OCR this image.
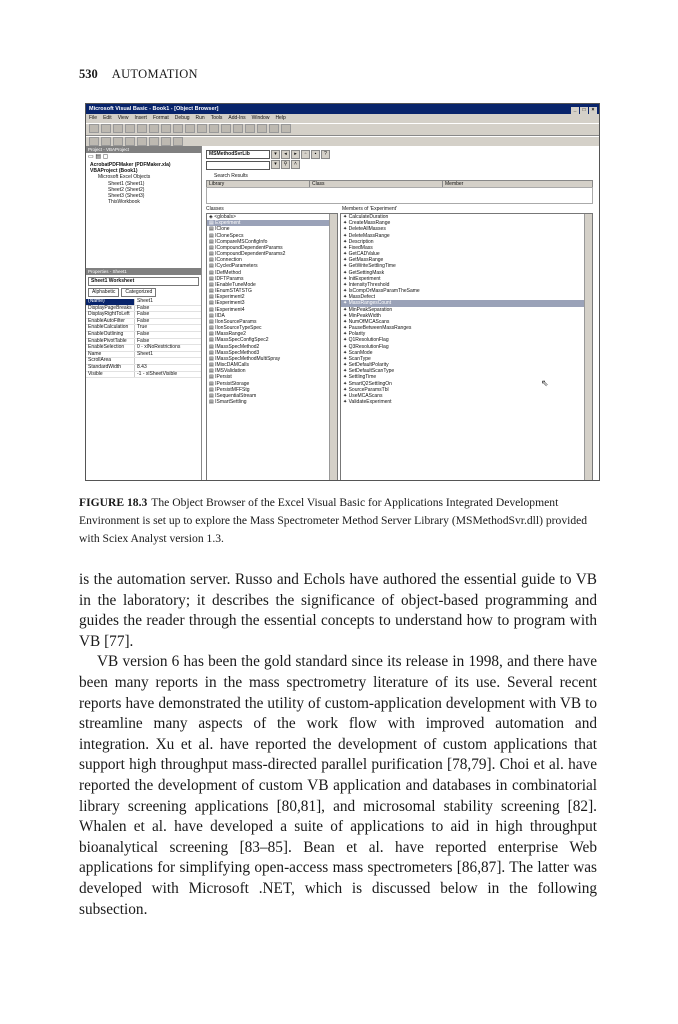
530 AUTOMATION
Microsoft Visual Basic - Book1 - [Object Browser]	_ □ ×
File Edit View Insert Format Debug Run Tools Add-Ins Window Help
Project - VBAProject
▭ ▤ ▢
AcrobatPDFMaker (PDFMaker.xla)
VBAProject (Book1)
Microsoft Excel Objects
Sheet1 (Sheet1)
Sheet2 (Sheet2)
Sheet3 (Sheet3)
ThisWorkbook
Properties - Sheet1
Sheet1 Worksheet
Alphabetic Categorized
(Name)	Sheet1
DisplayPageBreaks	False
DisplayRightToLeft	False
EnableAutoFilter	False
EnableCalculation	True
EnableOutlining	False
EnablePivotTable	False
EnableSelection	0 - xlNoRestrictions
Name	Sheet1
ScrollArea
StandardWidth	8.43
Visible	-1 - xlSheetVisible
MSMethodSvrLib	▾ ◂ ▸ ▫ ▪ ?
▾ ⚲ ˄
Search Results
Library	Class	Member
Classes	Members of 'Experiment'
◈ <globals>
▤ Experiment
▤ IClone
▤ ICloneSpecs
▤ ICompareMSConfigInfo
▤ ICompoundDependentParams
▤ ICompoundDependentParams2
▤ IConnection
▤ ICycledParameters
▤ IDefMethod
▤ IDFTParams
▤ IEnableTuneMode
▤ IEnumSTATSTG
▤ IExperiment2
▤ IExperiment3
▤ IExperiment4
▤ IIDA
▤ IIonSourceParams
▤ IIonSourceTypeSpec
▤ IMassRange2
▤ IMassSpecConfigSpec2
▤ IMassSpecMethod2
▤ IMassSpecMethod3
▤ IMassSpecMethodMultiSpray
▤ IMiscDAMCalls
▤ IMSValidation
▤ IPersist
▤ IPersistStorage
▤ IPersistMFFStg
▤ ISequentialStream
▤ ISmartSettling
✦ CalculateDuration
✦ CreateMassRange
✦ DeleteAllMasses
✦ DeleteMassRange
✦ Description
✦ FixedMass
✦ GetCADValue
✦ GetMassRange
✦ GetWriteSettlingTime
✦ GetSettingMask
✦ InitExperiment
✦ IntensityThreshold
✦ IsCompOrMassParamTheSame
✦ MassDefect
✦ MassRangesCount
✦ MinPeakSeparation
✦ MinPeakWidth
✦ NumOfMCAScans
✦ PauseBetweenMassRanges
✦ Polarity
✦ Q1ResolutionFlag
✦ Q3ResolutionFlag
✦ ScanMode
✦ ScanType
✦ SetDefaultPolarity
✦ SetDefaultScanType
✦ SettlingTime
✦ SmartQ2SettlingOn
✦ SourceParamsTbl
✦ UseMCAScans
✦ ValidateExperiment
⇖
FIGURE 18.3 The Object Browser of the Excel Visual Basic for Applications Integrated Development Environment is set up to explore the Mass Spectrometer Method Server Library (MSMethodSvr.dll) provided with Sciex Analyst version 1.3.

is the automation server. Russo and Echols have authored the essential guide to VB in the laboratory; it describes the significance of object-based programming and guides the reader through the essential concepts to understand how to program with VB [77].

VB version 6 has been the gold standard since its release in 1998, and there have been many reports in the mass spectrometry literature of its use. Several recent reports have demonstrated the utility of custom-application development with VB to streamline many aspects of the work flow with improved automation and integration. Xu et al. have reported the development of custom applications that support high throughput mass-directed parallel purification [78,79]. Choi et al. have reported the development of custom VB application and databases in combinatorial library screening applications [80,81], and microsomal stability screening [82]. Whalen et al. have developed a suite of applications to aid in high throughput bioanalytical screening [83–85]. Bean et al. have reported enterprise Web applications for simplifying open-access mass spectrometers [86,87]. The latter was developed with Microsoft .NET, which is discussed below in the following subsection.
